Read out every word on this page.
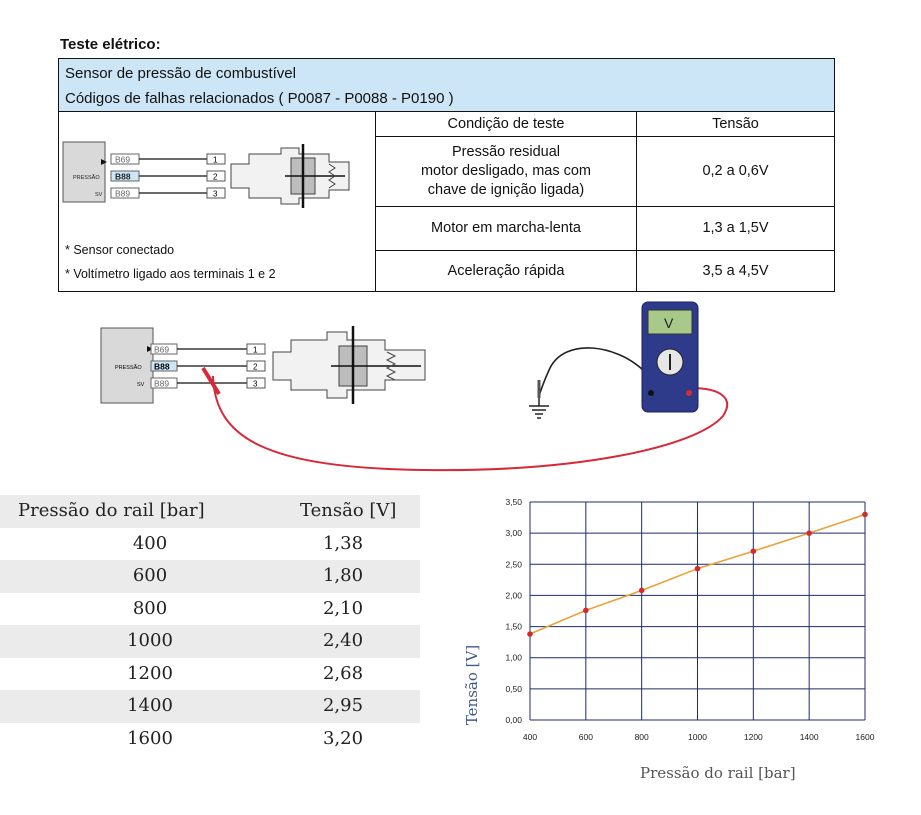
Teste elétrico:
Sensor de pressão de combustível
Códigos de falhas relacionados ( P0087 - P0088 - P0190 )
B69
B88
PRESSÃO
B89
SV
1
2
3
* Sensor conectado
* Voltímetro ligado aos terminais 1 e 2
Condição de teste	Tensão

Pressão residual
motor desligado, mas com
chave de ignição ligada)	0,2 a 0,6V
Motor em marcha-lenta	1,3 a 1,5V
Aceleração rápida	3,5 a 4,5V
B69
B88
PRESSÃO
B89
SV
1
2
3
V
Pressão do rail [bar]	Tensão [V]
400	1,38
600	1,80
800	2,10
1000	2,40
1200	2,68
1400	2,95
1600	3,20
0,00
0,50
1,00
1,50
2,00
2,50
3,00
3,50
400	600	800	1000	1200	1400	1600
Pressão do rail [bar]
Tensão [V]
